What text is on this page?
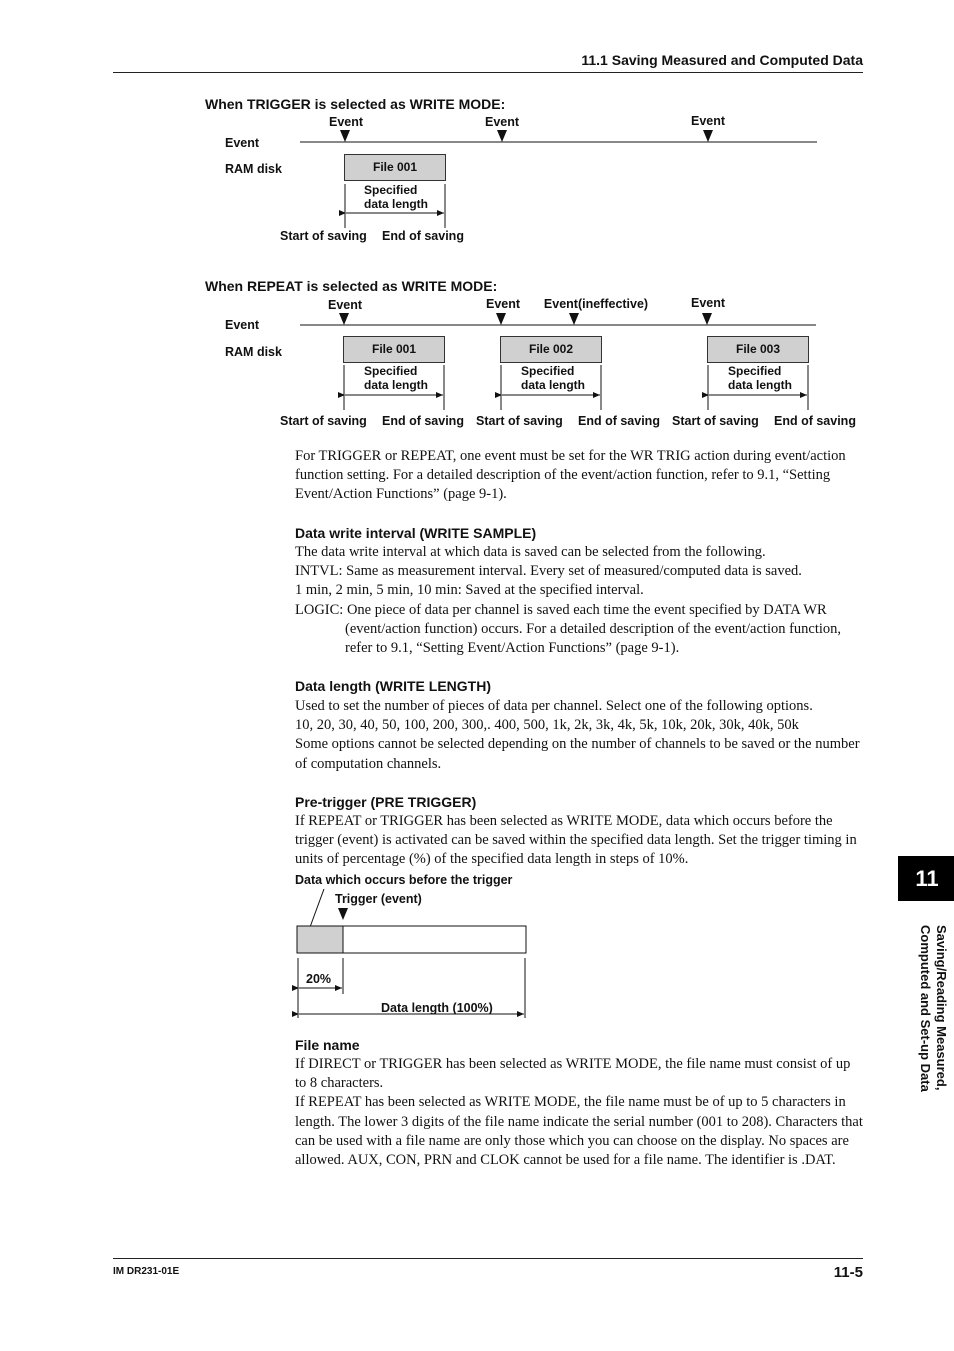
11.1 Saving Measured and Computed Data
When TRIGGER is selected as WRITE MODE:
Event	Event	Event
Event
RAM disk	File 001
Specified
data length
Start of saving End of saving
When REPEAT is selected as WRITE MODE:
Event	Event Event(ineffective)	Event
Event
RAM disk	File 001	File 002	File 003
Specified
data length
Specified
data length
Specified
data length
Start of saving End of saving Start of saving End of saving Start of saving End of saving
For TRIGGER or REPEAT, one event must be set for the WR TRIG action during event/action function setting. For a detailed description of the event/action function, refer to 9.1, “Setting Event/Action Functions” (page 9-1).
Data write interval (WRITE SAMPLE)

The data write interval at which data is saved can be selected from the following.

INTVL: Same as measurement interval. Every set of measured/computed data is saved.

1 min, 2 min, 5 min, 10 min: Saved at the specified interval.

LOGIC: One piece of data per channel is saved each time the event specified by DATA WR (event/action function) occurs. For a detailed description of the event/action function, refer to 9.1, “Setting Event/Action Functions” (page 9-1).

Data length (WRITE LENGTH)

Used to set the number of pieces of data per channel. Select one of the following options.

10, 20, 30, 40, 50, 100, 200, 300,. 400, 500, 1k, 2k, 3k, 4k, 5k, 10k, 20k, 30k, 40k, 50k

Some options cannot be selected depending on the number of channels to be saved or the number of computation channels.

Pre-trigger (PRE TRIGGER)
If REPEAT or TRIGGER has been selected as WRITE MODE, data which occurs before the trigger (event) is activated can be saved within the specified data length. Set the trigger timing in units of percentage (%) of the specified data length in steps of 10%.
Data which occurs before the trigger
Trigger (event)
20%
Data length (100%)
File name

If DIRECT or TRIGGER has been selected as WRITE MODE, the file name must consist of up to 8 characters.

If REPEAT has been selected as WRITE MODE, the file name must be of up to 5 characters in length. The lower 3 digits of the file name indicate the serial number (001 to 208). Characters that can be used with a file name are only those which you can choose on the display. No spaces are allowed. AUX, CON, PRN and CLOK cannot be used for a file name. The identifier is .DAT.

11
Saving/Reading Measured,
Computed and Set-up Data
IM DR231-01E	11-5
